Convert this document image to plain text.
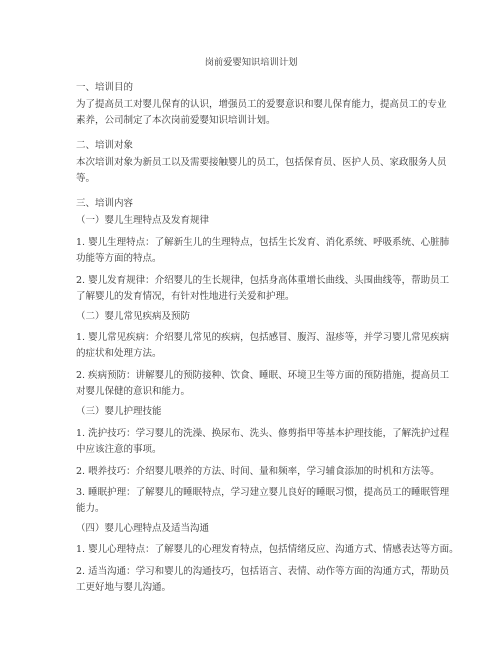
岗前爱婴知识培训计划
一、培训目的
为了提高员工对婴儿保育的认识，增强员工的爱婴意识和婴儿保育能力，提高员工的专业
素养，公司制定了本次岗前爱婴知识培训计划。
二、培训对象
本次培训对象为新员工以及需要接触婴儿的员工，包括保育员、医护人员、家政服务人员
等。
三、培训内容
（一）婴儿生理特点及发育规律
1. 婴儿生理特点：了解新生儿的生理特点，包括生长发育、消化系统、呼吸系统、心脏肺
功能等方面的特点。
2. 婴儿发育规律：介绍婴儿的生长规律，包括身高体重增长曲线、头围曲线等，帮助员工
了解婴儿的发育情况，有针对性地进行关爱和护理。
（二）婴儿常见疾病及预防
1. 婴儿常见疾病：介绍婴儿常见的疾病，包括感冒、腹泻、湿疹等，并学习婴儿常见疾病
的症状和处理方法。
2. 疾病预防：讲解婴儿的预防接种、饮食、睡眠、环境卫生等方面的预防措施，提高员工
对婴儿保健的意识和能力。
（三）婴儿护理技能
1. 洗护技巧：学习婴儿的洗澡、换尿布、洗头、修剪指甲等基本护理技能，了解洗护过程
中应该注意的事项。
2. 喂养技巧：介绍婴儿喂养的方法、时间、量和频率，学习辅食添加的时机和方法等。
3. 睡眠护理：了解婴儿的睡眠特点，学习建立婴儿良好的睡眠习惯，提高员工的睡眠管理
能力。
（四）婴儿心理特点及适当沟通
1. 婴儿心理特点：了解婴儿的心理发育特点，包括情绪反应、沟通方式、情感表达等方面。
2. 适当沟通：学习和婴儿的沟通技巧，包括语言、表情、动作等方面的沟通方式，帮助员
工更好地与婴儿沟通。
